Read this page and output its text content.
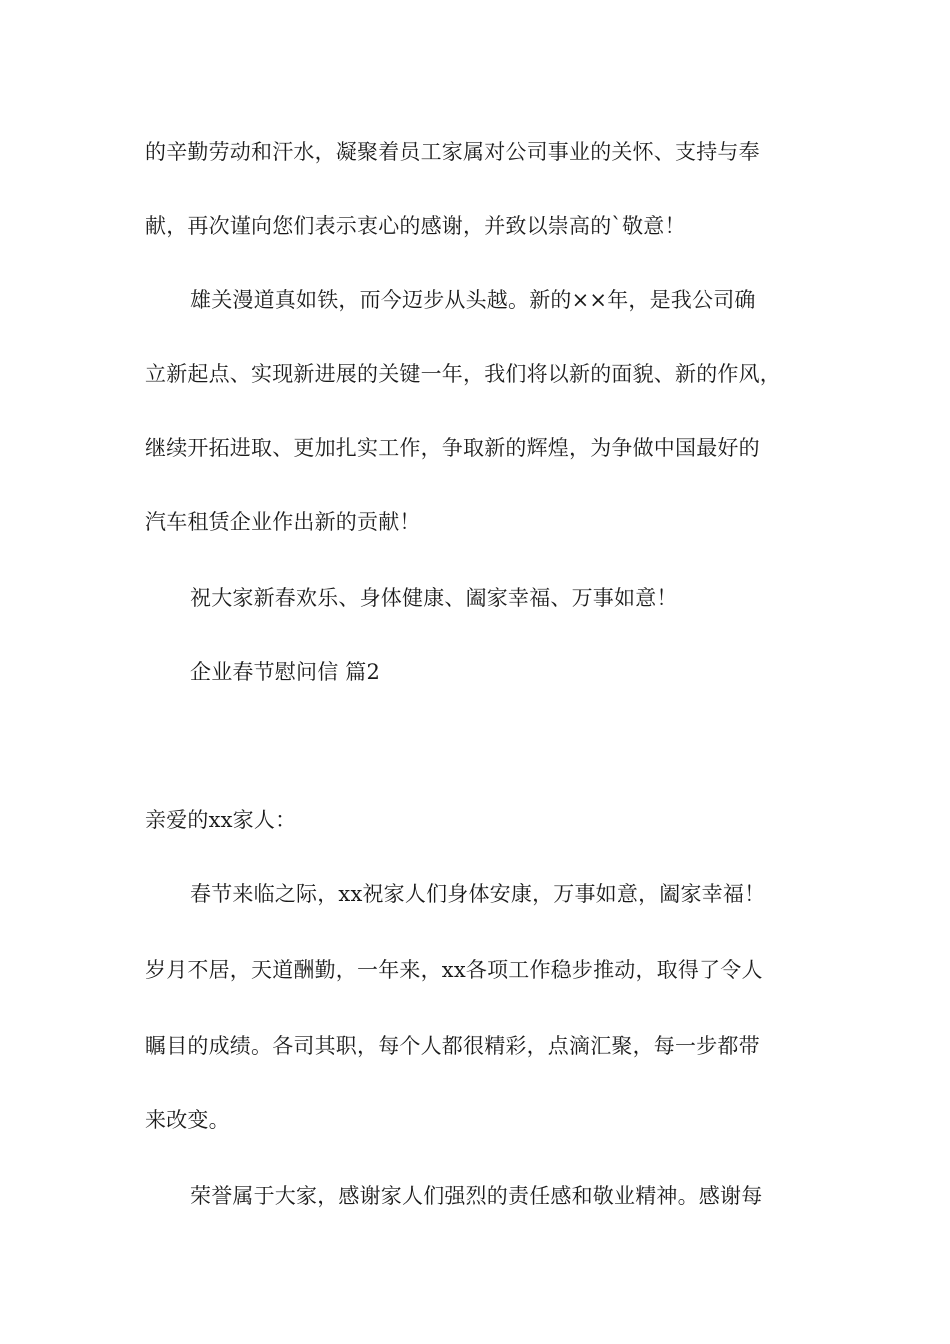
的辛勤劳动和汗水，凝聚着员工家属对公司事业的关怀、支持与奉
献，再次谨向您们表示衷心的感谢，并致以崇高的`敬意！
雄关漫道真如铁，而今迈步从头越。新的××年，是我公司确
立新起点、实现新进展的关键一年，我们将以新的面貌、新的作风，
继续开拓进取、更加扎实工作，争取新的辉煌，为争做中国最好的
汽车租赁企业作出新的贡献！
祝大家新春欢乐、身体健康、阖家幸福、万事如意！
企业春节慰问信 篇2
亲爱的xx家人：
春节来临之际，xx祝家人们身体安康，万事如意，阖家幸福！
岁月不居，天道酬勤，一年来，xx各项工作稳步推动，取得了令人
瞩目的成绩。各司其职，每个人都很精彩，点滴汇聚，每一步都带
来改变。
荣誉属于大家，感谢家人们强烈的责任感和敬业精神。感谢每
